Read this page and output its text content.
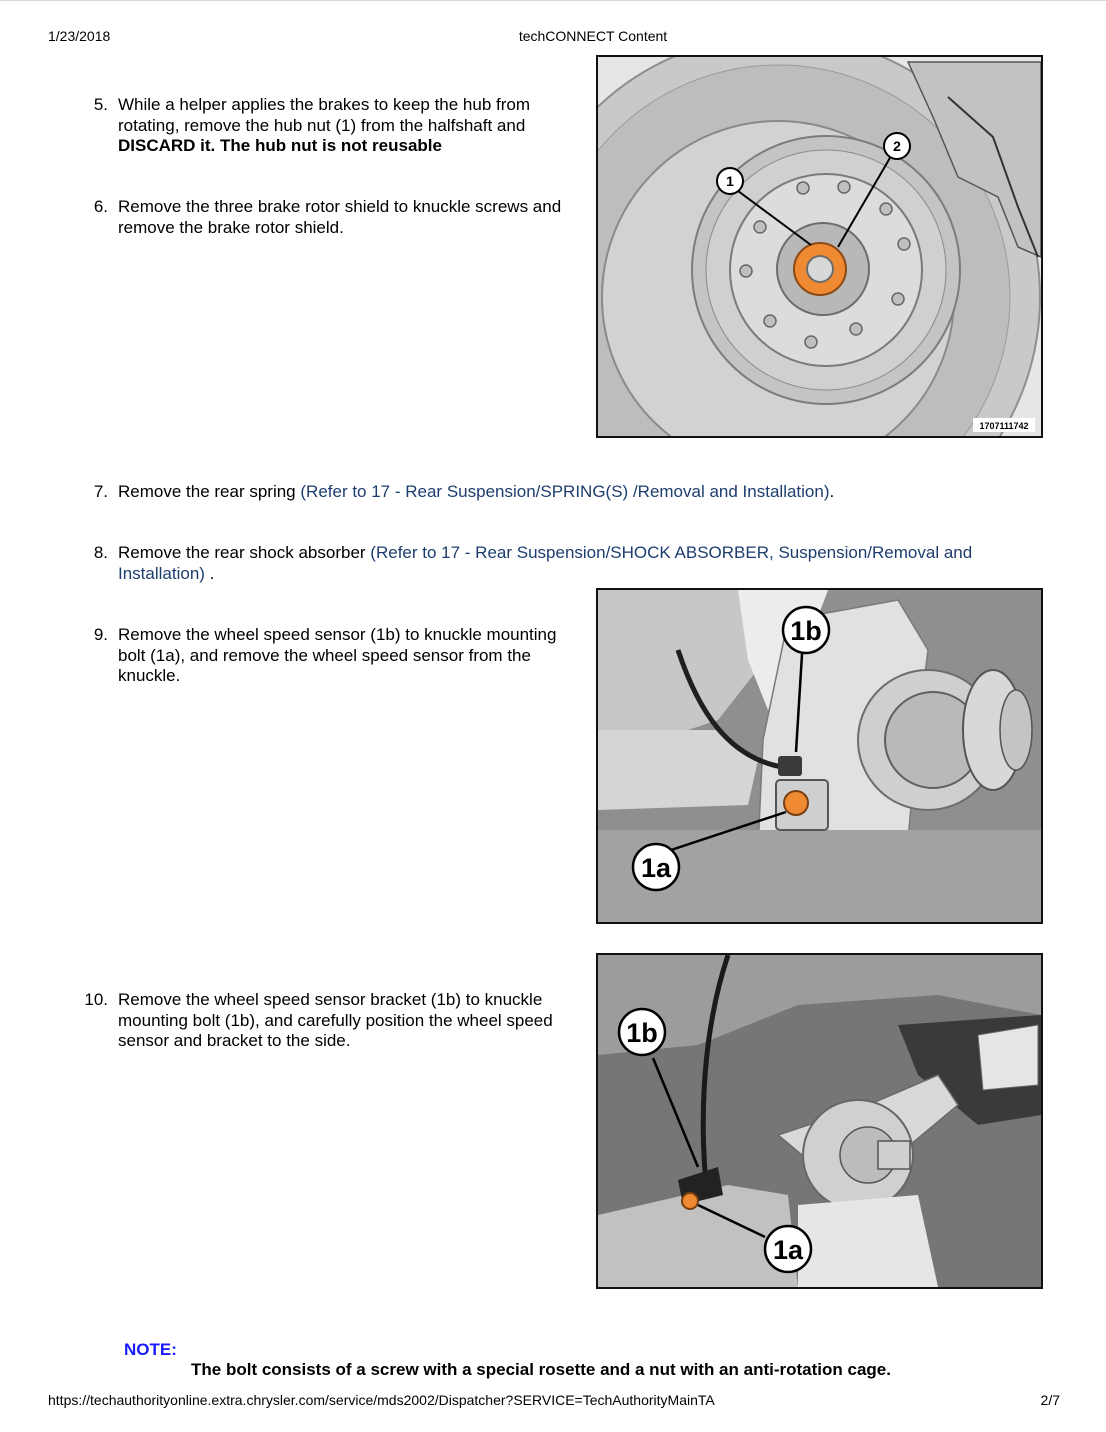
1/23/2018	techCONNECT Content
5. While a helper applies the brakes to keep the hub from rotating, remove the hub nut (1) from the halfshaft and DISCARD it. The hub nut is not reusable
6. Remove the three brake rotor shield to knuckle screws and remove the brake rotor shield.
1
2
1707111742
7. Remove the rear spring (Refer to 17 - Rear Suspension/SPRING(S) /Removal and Installation).
8. Remove the rear shock absorber (Refer to 17 - Rear Suspension/SHOCK ABSORBER, Suspension/Removal and Installation) .
9. Remove the wheel speed sensor (1b) to knuckle mounting bolt (1a), and remove the wheel speed sensor from the knuckle.
1b
1a
10. Remove the wheel speed sensor bracket (1b) to knuckle mounting bolt (1b), and carefully position the wheel speed sensor and bracket to the side.	1b
1a
NOTE:
The bolt consists of a screw with a special rosette and a nut with an anti-rotation cage.
https://techauthorityonline.extra.chrysler.com/service/mds2002/Dispatcher?SERVICE=TechAuthorityMainTA	2/7
